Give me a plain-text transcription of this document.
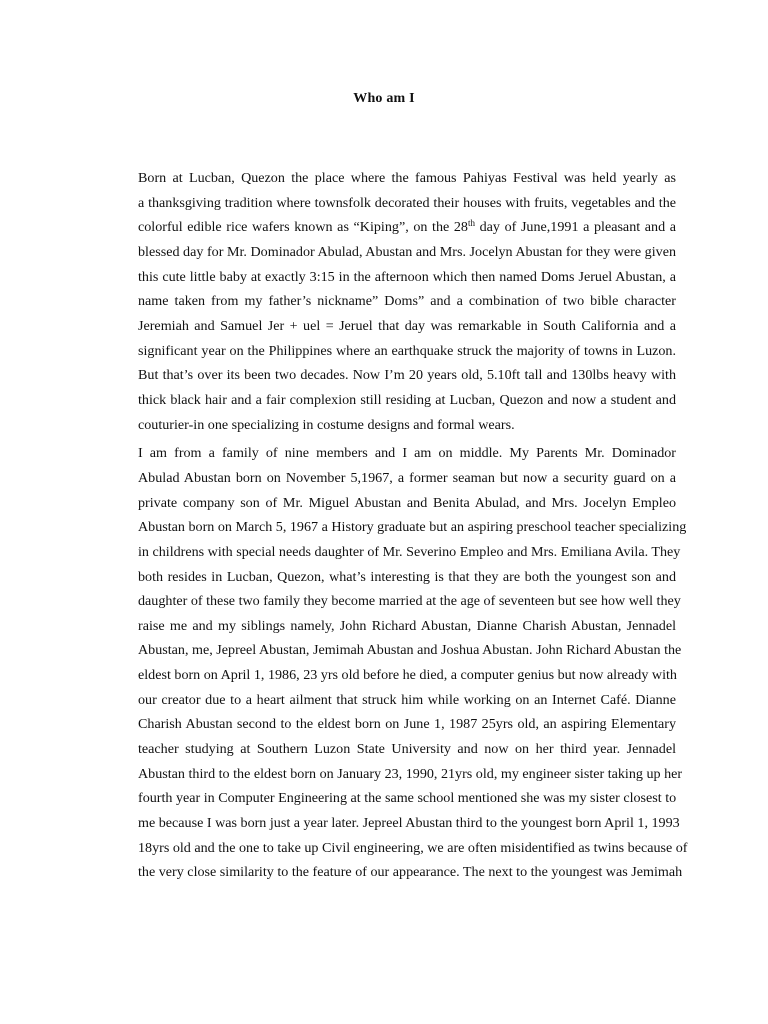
Who am I
Born at Lucban, Quezon the place where the famous Pahiyas Festival was held yearly as
a thanksgiving tradition where townsfolk decorated their houses with fruits, vegetables and the
colorful edible rice wafers known as “Kiping”, on the 28th day of June,1991 a pleasant and a
blessed day for Mr. Dominador Abulad, Abustan and Mrs. Jocelyn Abustan for they were given
this cute little baby at exactly 3:15 in the afternoon which then named Doms Jeruel Abustan, a
name taken from my father’s nickname” Doms” and a combination of two bible character
Jeremiah and Samuel Jer + uel = Jeruel that day was remarkable in South California and a
significant year on the Philippines where an earthquake struck the majority of towns in Luzon.
But that’s over its been two decades. Now I’m 20 years old, 5.10ft tall and 130lbs heavy with
thick black hair and a fair complexion still residing at Lucban, Quezon and now a student and
couturier-in one specializing in costume designs and formal wears.
I am from a family of nine members and I am on middle. My Parents Mr. Dominador
Abulad Abustan born on November 5,1967, a former seaman but now a security guard on a
private company son of Mr. Miguel Abustan and Benita Abulad, and Mrs. Jocelyn Empleo
Abustan born on March 5, 1967 a History graduate but an aspiring preschool teacher specializing
in childrens with special needs daughter of Mr. Severino Empleo and Mrs. Emiliana Avila. They
both resides in Lucban, Quezon, what’s interesting is that they are both the youngest son and
daughter of these two family they become married at the age of seventeen but see how well they
raise me and my siblings namely, John Richard Abustan, Dianne Charish Abustan, Jennadel
Abustan, me, Jepreel Abustan, Jemimah Abustan and Joshua Abustan. John Richard Abustan the
eldest born on April 1, 1986, 23 yrs old before he died, a computer genius but now already with
our creator due to a heart ailment that struck him while working on an Internet Café. Dianne
Charish Abustan second to the eldest born on June 1, 1987 25yrs old, an aspiring Elementary
teacher studying at Southern Luzon State University and now on her third year. Jennadel
Abustan third to the eldest born on January 23, 1990, 21yrs old, my engineer sister taking up her
fourth year in Computer Engineering at the same school mentioned she was my sister closest to
me because I was born just a year later. Jepreel Abustan third to the youngest born April 1, 1993
18yrs old and the one to take up Civil engineering, we are often misidentified as twins because of
the very close similarity to the feature of our appearance. The next to the youngest was Jemimah
